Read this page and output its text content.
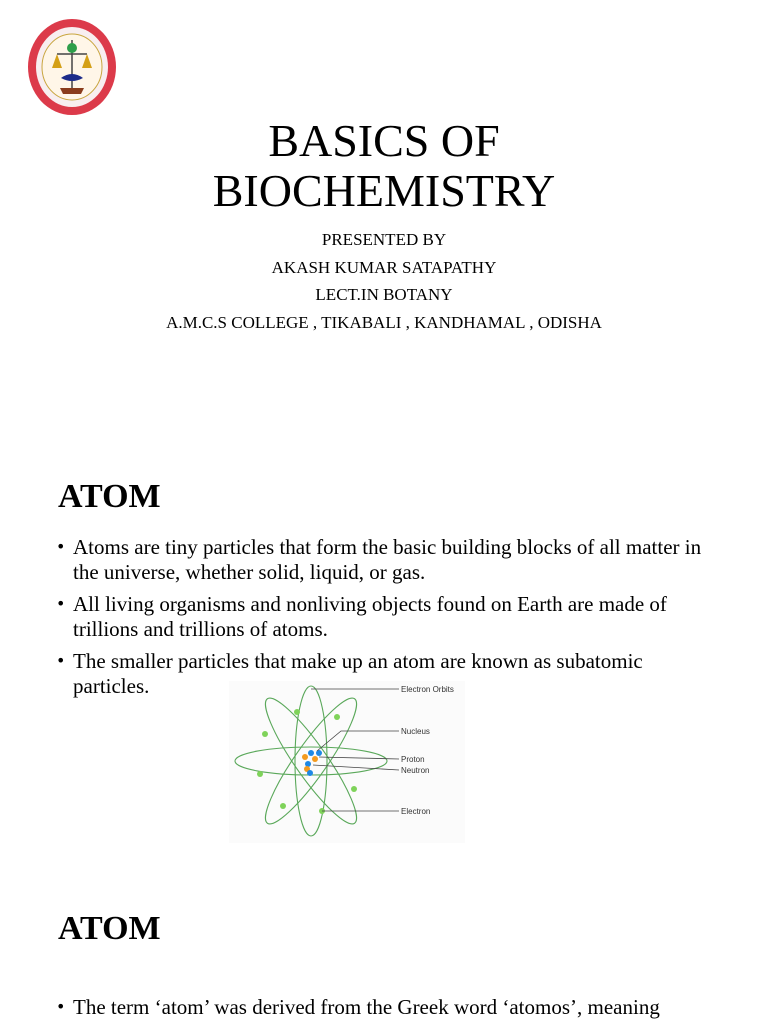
BASICS OF
BIOCHEMISTRY
PRESENTED BY
AKASH KUMAR SATAPATHY
LECT.IN BOTANY
A.M.C.S COLLEGE , TIKABALI , KANDHAMAL , ODISHA
ATOM
• Atoms are tiny particles that form the basic building blocks of all matter in the universe, whether solid, liquid, or gas.
• All living organisms and nonliving objects found on Earth are made of trillions and trillions of atoms.
• The smaller particles that make up an atom are known as subatomic particles.	Electron Orbits
Nucleus
Proton
Neutron
Electron
ATOM
• The term ‘atom’ was derived from the Greek word ‘atomos’, meaning
